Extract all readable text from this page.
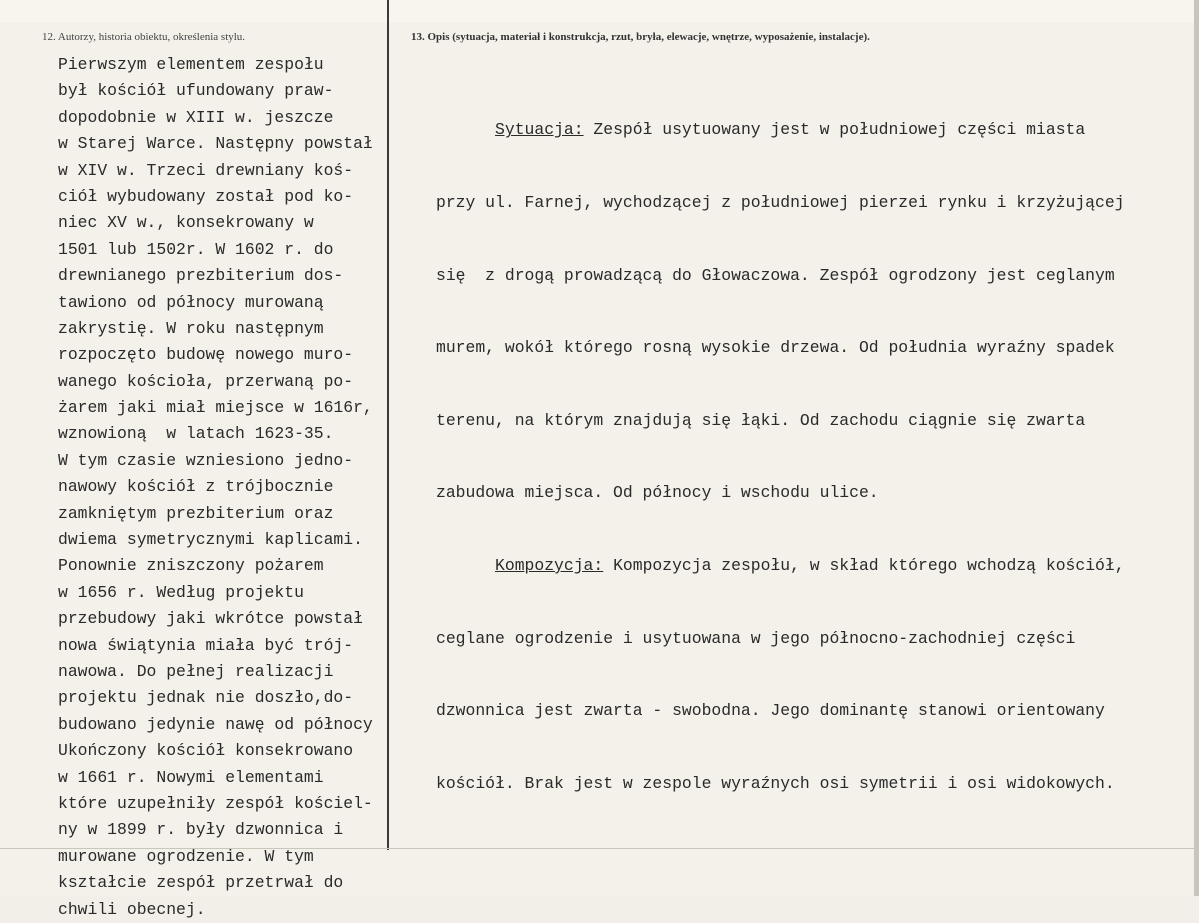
12. Autorzy, historia obiektu, określenia stylu.	13. Opis (sytuacja, materiał i konstrukcja, rzut, bryła, elewacje, wnętrze, wyposażenie, instalacje).
Pierwszym elementem zespołu
był kościół ufundowany praw-
dopodobnie w XIII w. jeszcze
w Starej Warce. Następny powstał
w XIV w. Trzeci drewniany koś-
ciół wybudowany został pod ko-
niec XV w., konsekrowany w
1501 lub 1502r. W 1602 r. do
drewnianego prezbiterium dos-
tawiono od północy murowaną
zakrystię. W roku następnym
rozpoczęto budowę nowego muro-
wanego kościoła, przerwaną po-
żarem jaki miał miejsce w 1616r,
wznowioną  w latach 1623-35.
W tym czasie wzniesiono jedno-
nawowy kościół z trójbocznie
zamkniętym prezbiterium oraz
dwiema symetrycznymi kaplicami.
Ponownie zniszczony pożarem
w 1656 r. Według projektu
przebudowy jaki wkrótce powstał
nowa świątynia miała być trój-
nawowa. Do pełnej realizacji
projektu jednak nie doszło,do-
budowano jedynie nawę od północy
Ukończony kościół konsekrowano
w 1661 r. Nowymi elementami
które uzupełniły zespół kościel-
ny w 1899 r. były dzwonnica i
murowane ogrodzenie. W tym
kształcie zespół przetrwał do
chwili obecnej.

Sytuacja: Zespół usytuowany jest w południowej części miasta

przy ul. Farnej, wychodzącej z południowej pierzei rynku i krzyżującej

się  z drogą prowadzącą do Głowaczowa. Zespół ogrodzony jest ceglanym

murem, wokół którego rosną wysokie drzewa. Od południa wyraźny spadek

terenu, na którym znajdują się łąki. Od zachodu ciągnie się zwarta

zabudowa miejsca. Od północy i wschodu ulice.

Kompozycja: Kompozycja zespołu, w skład którego wchodzą kościół,

ceglane ogrodzenie i usytuowana w jego północno-zachodniej części

dzwonnica jest zwarta - swobodna. Jego dominantę stanowi orientowany

kościół. Brak jest w zespole wyraźnych osi symetrii i osi widokowych.
